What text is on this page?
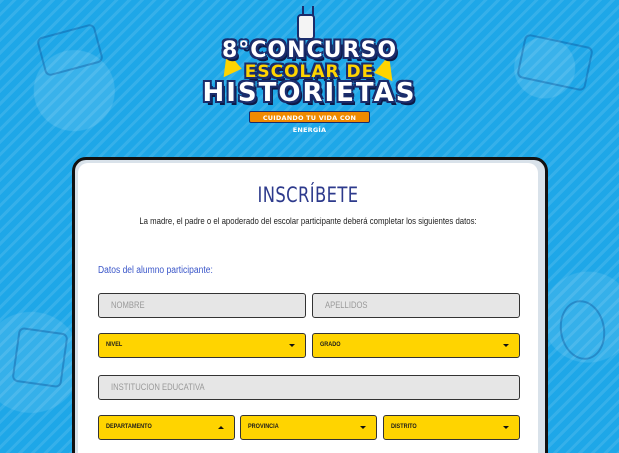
8°CONCURSO
ESCOLAR DE
HISTORIETAS
CUIDANDO TU VIDA CON ENERGÍA
INSCRÍBETE
La madre, el padre o el apoderado del escolar participante deberá completar los siguientes datos:
Datos del alumno participante:
NOMBRE	APELLIDOS
NIVEL	GRADO
INSTITUCION EDUCATIVA
DEPARTAMENTO	PROVINCIA	DISTRITO
